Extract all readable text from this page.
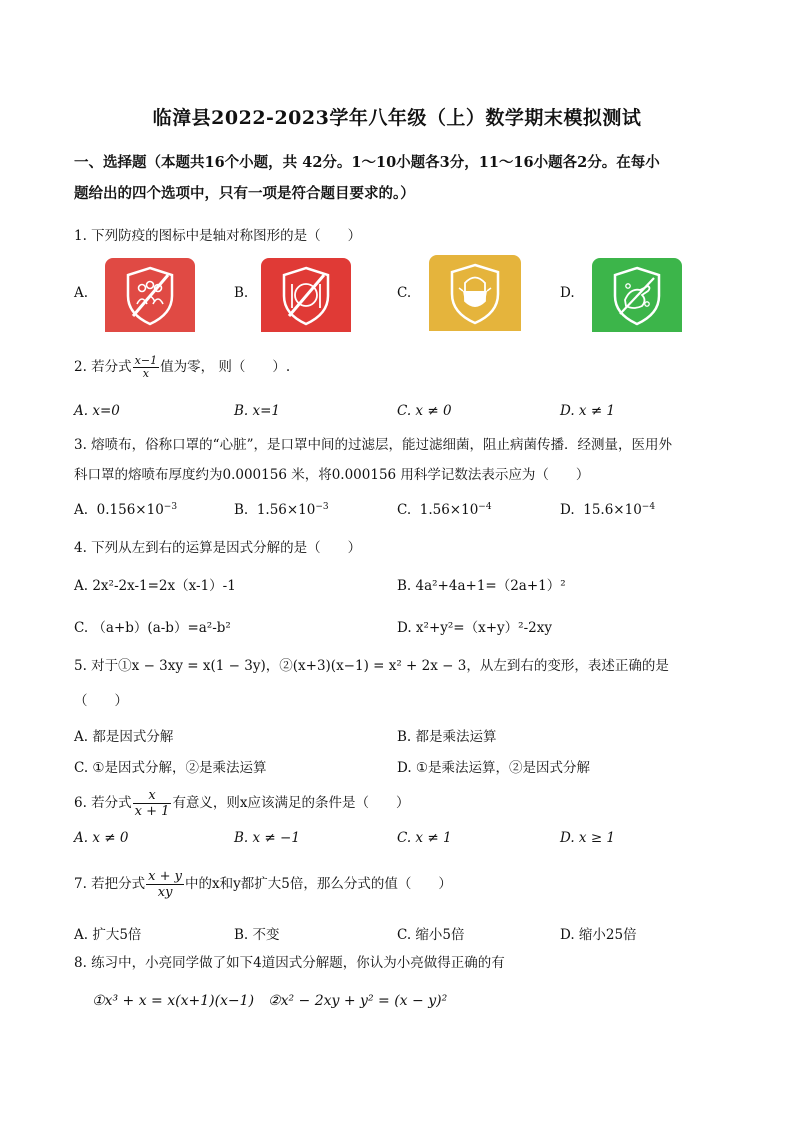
临漳县2022-2023学年八年级（上）数学期末模拟测试
一、选择题（本题共16个小题，共 42分。1～10小题各3分，11～16小题各2分。在每小
题给出的四个选项中，只有一项是符合题目要求的。）
1. 下列防疫的图标中是轴对称图形的是（　　）
A.	B.	C.	D.
2. 若分式 $\frac{x-1}{x}$ 值为零， 则（　　）.
A. x=0	B. x=1	C. x ≠ 0	D. x ≠ 1
3. 熔喷布，俗称口罩的“心脏”，是口罩中间的过滤层，能过滤细菌，阻止病菌传播．经测量，医用外
科口罩的熔喷布厚度约为0.000156 米，将0.000156 用科学记数法表示应为（　　）
A. $0.156\times 10^{-3}$	B. $1.56\times 10^{-3}$	C. $1.56\times 10^{-4}$	D. $15.6\times 10^{-4}$
4. 下列从左到右的运算是因式分解的是（　　）
A. 2x²-2x-1=2x（x-1）-1	B. 4a²+4a+1=（2a+1）²
C. （a+b）(a-b）=a²-b²	D. x²+y²=（x+y）²-2xy
5. 对于①x − 3xy = x(1 − 3y)，②(x+3)(x−1) = x² + 2x − 3，从左到右的变形，表述正确的是
（　　）
A. 都是因式分解	B. 都是乘法运算
C. ①是因式分解，②是乘法运算	D. ①是乘法运算，②是因式分解
6. 若分式 $\frac{x}{x + 1}$ 有意义，则x应该满足的条件是（　　）
A. x ≠ 0	B. x ≠ −1	C. x ≠ 1	D. x ≥ 1
7. 若把分式 $\frac{x + y}{xy}$ 中的x和y都扩大5倍，那么分式的值（　　）
A. 扩大5倍	B. 不变	C. 缩小5倍	D. 缩小25倍
8. 练习中，小亮同学做了如下4道因式分解题，你认为小亮做得正确的有
①x³ + x = x(x+1)(x−1)　②x² − 2xy + y² = (x − y)²
